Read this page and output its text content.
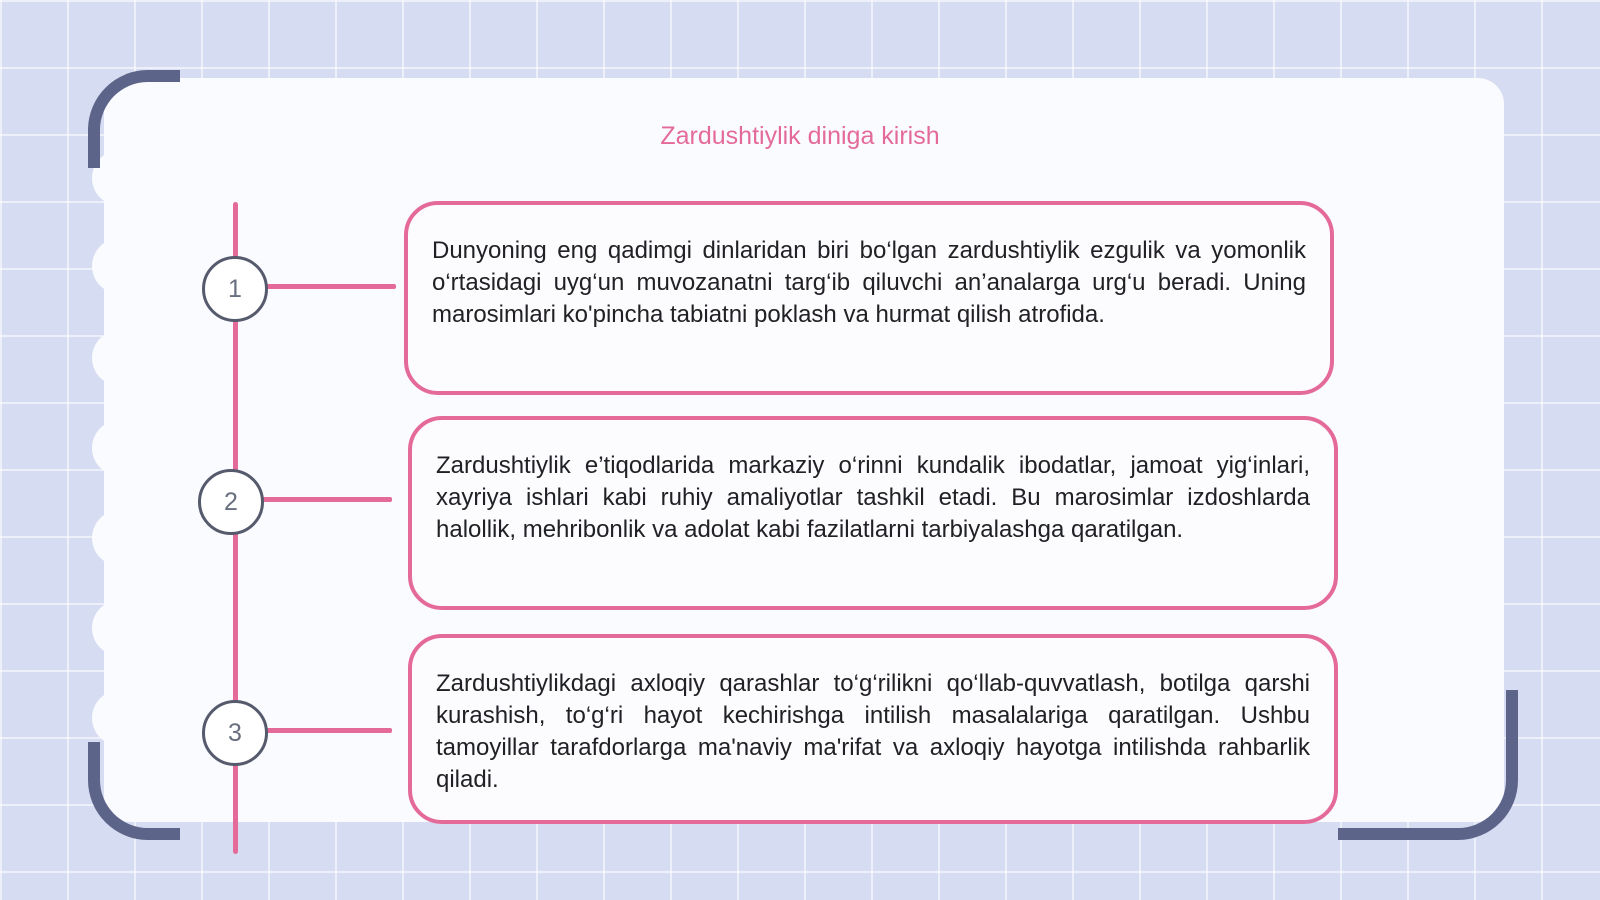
Zardushtiylik diniga kirish
1
2
3

Dunyoning eng qadimgi dinlaridan biri bo‘lgan zardushtiylik ezgulik va yomonlik o‘rtasidagi uyg‘un muvozanatni targ‘ib qiluvchi an’analarga urg‘u beradi. Uning marosimlari ko'pincha tabiatni poklash va hurmat qilish atrofida.

Zardushtiylik e’tiqodlarida markaziy o‘rinni kundalik ibodatlar, jamoat yig‘inlari, xayriya ishlari kabi ruhiy amaliyotlar tashkil etadi. Bu marosimlar izdoshlarda halollik, mehribonlik va adolat kabi fazilatlarni tarbiyalashga qaratilgan.

Zardushtiylikdagi axloqiy qarashlar to‘g‘rilikni qo‘llab-quvvatlash, botilga qarshi kurashish, to‘g‘ri hayot kechirishga intilish masalalariga qaratilgan. Ushbu tamoyillar tarafdorlarga ma'naviy ma'rifat va axloqiy hayotga intilishda rahbarlik qiladi.
